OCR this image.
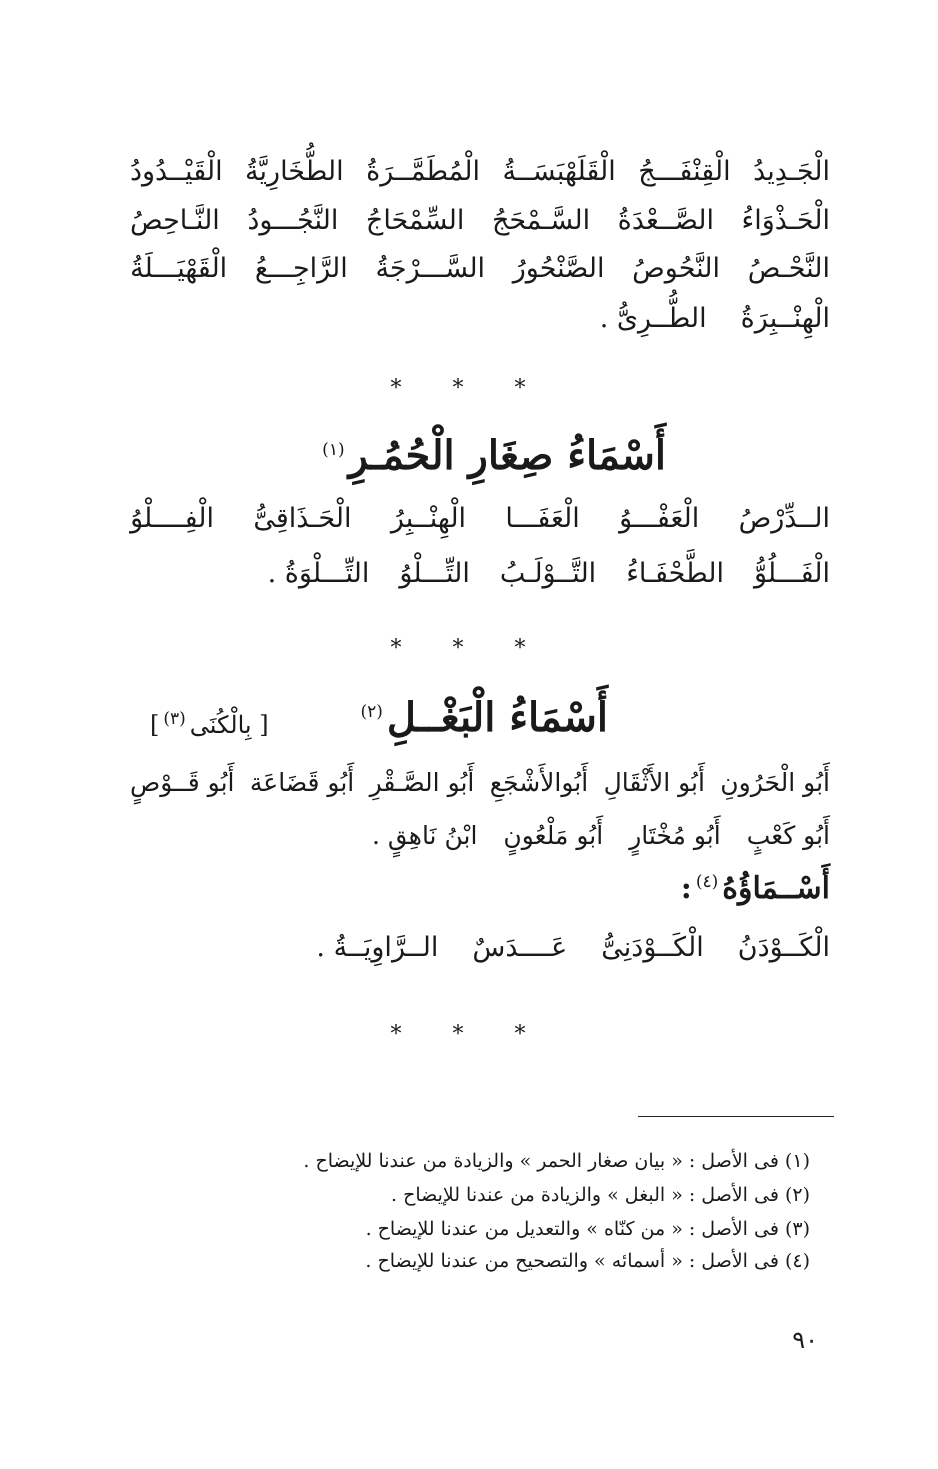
الْجَـدِيدُ
الْقِنْفَـــجُ
الْقَلَهْبَسَــةُ
الْمُطَمَّــرَةُ
الطُّخَارِيَّةُ
الْقَيْــدُودُ
الْحَـذْوَاءُ
الصَّــعْدَةُ
السَّـمْحَجُ
السِّمْحَاجُ
النَّجُـــودُ
النَّـاحِصُ
النَّحْـصُ
النَّحُوصُ
الصَّنْحُورُ
السَّـــرْجَةُ
الرَّاجِـــعُ
الْقَهْيَـــلَةُ
الْهِنْــبِرَةُ
الطُّــرِىُّ .
* * *
أَسْمَاءُ صِغَارِ الْحُمُـرِ$^{(١)}$
الــدِّرْصُ
الْعَفْـــوُ
الْعَفَـــا
الْهِنْــبِرُ
الْحَـذَاقِىُّ
الْفِــــلْوُ
الْفَـــلُوُّ
الطَّحْفَـاءُ
التَّــوْلَـبُ
التِّـــلْوُ
التِّـــلْوَةُ .
* * *
أَسْمَاءُ الْبَغْــلِ$^{(٢)}$
[ بِالْكُنَى$^{(٣)}$]
أَبُو الْحَرُونِ
أَبُو الأَثْقَالِ
أَبُوالأَشْجَعِ
أَبُو الصَّـقْرِ
أَبُو قَضَاعَة
أَبُو قَــوْصٍ
أَبُو كَعْبٍ
أَبُو مُخْتَارٍ
أَبُو مَلْعُونٍ
ابْنُ نَاهِقٍ .
أَسْــمَاؤُهُ$^{(٤)}$:
الْكَــوْدَنُ
الْكَــوْدَنِىُّ
عَــــدَسٌ
الــرَّاوِيَــةُ .
* * *
(١) فى الأصل : « بيان صغار الحمر » والزيادة من عندنا للإيضاح .
(٢) فى الأصل : « البغل » والزيادة من عندنا للإيضاح .
(٣) فى الأصل : « من كنّاه » والتعديل من عندنا للإيضاح .
(٤) فى الأصل : « أسمائه » والتصحيح من عندنا للإيضاح .
٩٠
